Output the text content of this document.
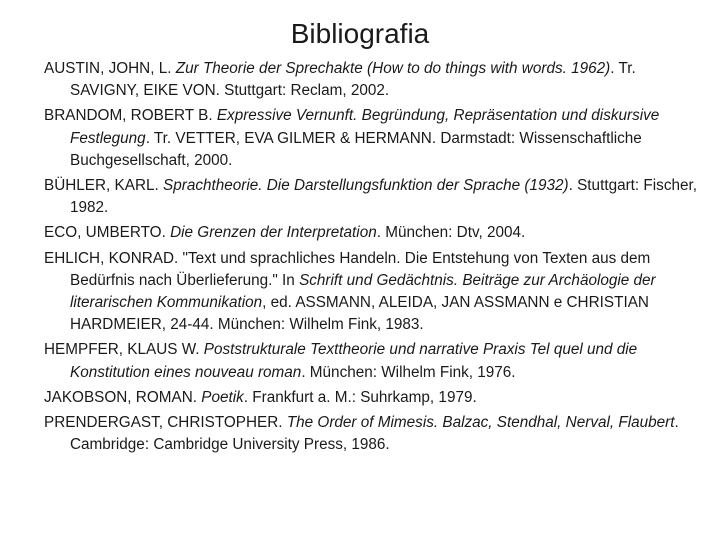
Bibliografia
AUSTIN, JOHN, L. Zur Theorie der Sprechakte (How to do things with words. 1962). Tr. SAVIGNY, EIKE VON. Stuttgart: Reclam, 2002.
BRANDOM, ROBERT B. Expressive Vernunft. Begründung, Repräsentation und diskursive Festlegung. Tr. VETTER, EVA GILMER & HERMANN. Darmstadt: Wissenschaftliche Buchgesellschaft, 2000.
BÜHLER, KARL. Sprachtheorie. Die Darstellungsfunktion der Sprache (1932). Stuttgart: Fischer, 1982.
ECO, UMBERTO. Die Grenzen der Interpretation. München: Dtv, 2004.
EHLICH, KONRAD. "Text und sprachliches Handeln. Die Entstehung von Texten aus dem Bedürfnis nach Überlieferung." In Schrift und Gedächtnis. Beiträge zur Archäologie der literarischen Kommunikation, ed. ASSMANN, ALEIDA, JAN ASSMANN e CHRISTIAN HARDMEIER, 24-44. München: Wilhelm Fink, 1983.
HEMPFER, KLAUS W. Poststrukturale Texttheorie und narrative Praxis Tel quel und die Konstitution eines nouveau roman. München: Wilhelm Fink, 1976.
JAKOBSON, ROMAN. Poetik. Frankfurt a. M.: Suhrkamp, 1979.
PRENDERGAST, CHRISTOPHER. The Order of Mimesis. Balzac, Stendhal, Nerval, Flaubert. Cambridge: Cambridge University Press, 1986.
